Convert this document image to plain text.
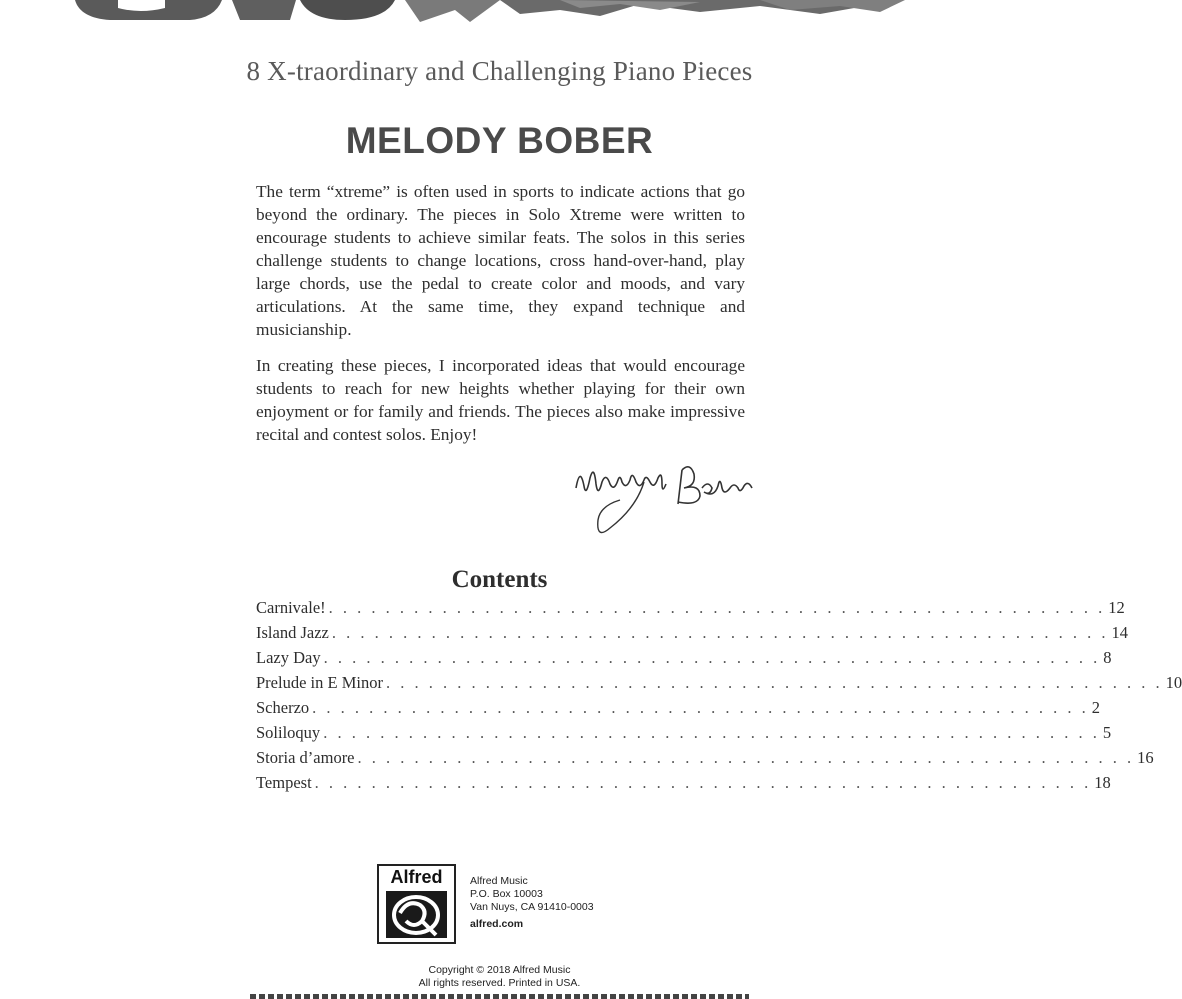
8 X-traordinary and Challenging Piano Pieces
MELODY BOBER

The term “xtreme” is often used in sports to indicate actions that go beyond the ordinary. The pieces in Solo Xtreme were written to encourage students to achieve similar feats. The solos in this series challenge students to change locations, cross hand-over-hand, play large chords, use the pedal to create color and moods, and vary articulations. At the same time, they expand technique and musicianship.

In creating these pieces, I incorporated ideas that would encourage students to reach for new heights whether playing for their own enjoyment or for family and friends. The pieces also make impressive recital and contest solos. Enjoy!

Contents
Carnivale! . . . . . . . . . . . . . . . . . . . . . . . . . . . . . . . . . . . . . . . . . . . . . . . . . . . . . . . 12
Island Jazz . . . . . . . . . . . . . . . . . . . . . . . . . . . . . . . . . . . . . . . . . . . . . . . . . . . . . . . 14
Lazy Day . . . . . . . . . . . . . . . . . . . . . . . . . . . . . . . . . . . . . . . . . . . . . . . . . . . . . . . 8
Prelude in E Minor . . . . . . . . . . . . . . . . . . . . . . . . . . . . . . . . . . . . . . . . . . . . . . . . . . . . . . . 10
Scherzo . . . . . . . . . . . . . . . . . . . . . . . . . . . . . . . . . . . . . . . . . . . . . . . . . . . . . . . 2
Soliloquy . . . . . . . . . . . . . . . . . . . . . . . . . . . . . . . . . . . . . . . . . . . . . . . . . . . . . . . 5
Storia d’amore . . . . . . . . . . . . . . . . . . . . . . . . . . . . . . . . . . . . . . . . . . . . . . . . . . . . . . . 16
Tempest . . . . . . . . . . . . . . . . . . . . . . . . . . . . . . . . . . . . . . . . . . . . . . . . . . . . . . . 18
Alfred	Alfred Music
P.O. Box 10003
Van Nuys, CA 91410-0003
alfred.com
Copyright © 2018 Alfred Music
All rights reserved. Printed in USA.
